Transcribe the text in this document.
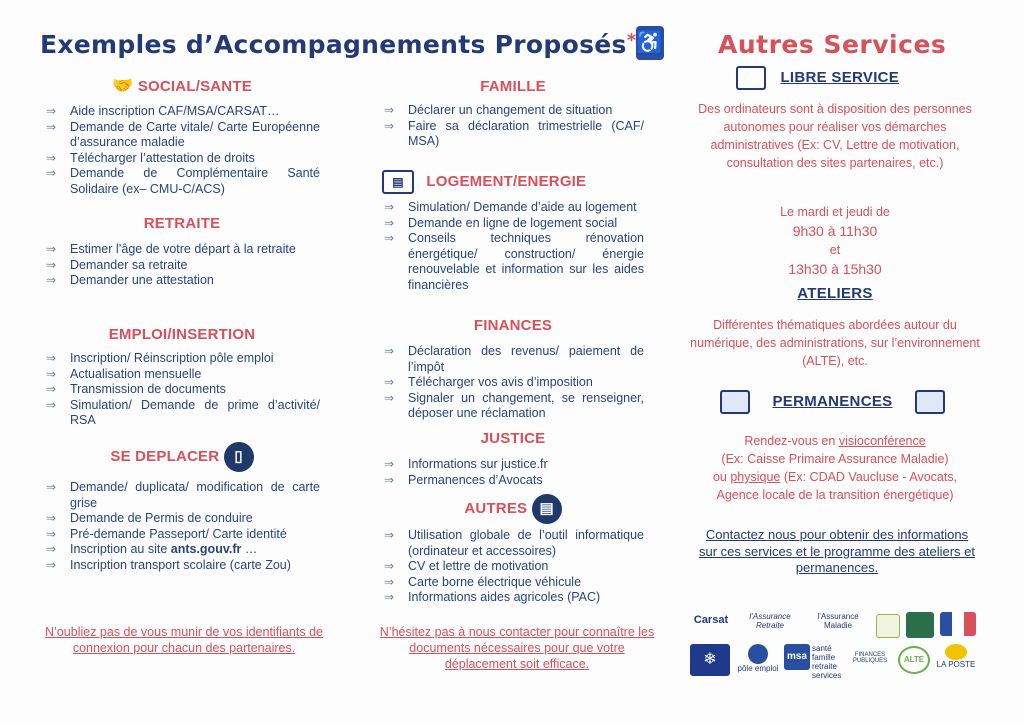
Exemples d’Accompagnements Proposés* ♿ Autres Services
🤝 SOCIAL/SANTE
⇒ Aide inscription CAF/MSA/CARSAT…
⇒ Demande de Carte vitale/ Carte Européenne d’assurance maladie
⇒ Télécharger l’attestation de droits
⇒ Demande de Complémentaire Santé Solidaire (ex– CMU-C/ACS)
RETRAITE
⇒ Estimer l’âge de votre départ à la retraite
⇒ Demander sa retraite
⇒ Demander une attestation
EMPLOI/INSERTION
⇒ Inscription/ Réinscription pôle emploi
⇒ Actualisation mensuelle
⇒ Transmission de documents
⇒ Simulation/ Demande de prime d’activité/ RSA
SE DEPLACER ▯
⇒ Demande/ duplicata/ modification de carte grise
⇒ Demande de Permis de conduire
⇒ Pré-demande Passeport/ Carte identité
⇒ Inscription au site ants.gouv.fr …
⇒ Inscription transport scolaire (carte Zou)
N’oubliez pas de vous munir de vos identifiants de connexion pour chacun des partenaires.
FAMILLE
⇒ Déclarer un changement de situation
⇒ Faire sa déclaration trimestrielle (CAF/ MSA)
▤ LOGEMENT/ENERGIE
⇒ Simulation/ Demande d’aide au logement
⇒ Demande en ligne de logement social
⇒ Conseils techniques rénovation énergétique/ construction/ énergie renouvelable et information sur les aides financières
FINANCES
⇒ Déclaration des revenus/ paiement de l’impôt
⇒ Télécharger vos avis d’imposition
⇒ Signaler un changement, se renseigner, déposer une réclamation
JUSTICE
⇒ Informations sur justice.fr
⇒ Permanences d’Avocats
AUTRES ▤
⇒ Utilisation globale de l’outil informatique (ordinateur et accessoires)
⇒ CV et lettre de motivation
⇒ Carte borne électrique véhicule
⇒ Informations aides agricoles (PAC)
N’hésitez pas à nous contacter pour connaître les documents nécessaires pour que votre déplacement soit efficace.
LIBRE SERVICE
Des ordinateurs sont à disposition des personnes autonomes pour réaliser vos démarches administratives (Ex: CV, Lettre de motivation, consultation des sites partenaires, etc.)
Le mardi et jeudi de
9h30 à 11h30
et
13h30 à 15h30
ATELIERS
Différentes thématiques abordées autour du numérique, des administrations, sur l’environnement (ALTE), etc.
PERMANENCES
Rendez-vous en visioconférence
(Ex: Caisse Primaire Assurance Maladie)
ou physique (Ex: CDAD Vaucluse - Avocats,
Agence locale de la transition énergétique)
Contactez nous pour obtenir des informations sur ces services et le programme des ateliers et permanences.
Carsat	l’Assurance Retraite
l’Assurance Maladie
❄
pôle emploi
msa
santé famille retraite services
FINANCES PUBLIQUES	ALTE
LA POSTE
